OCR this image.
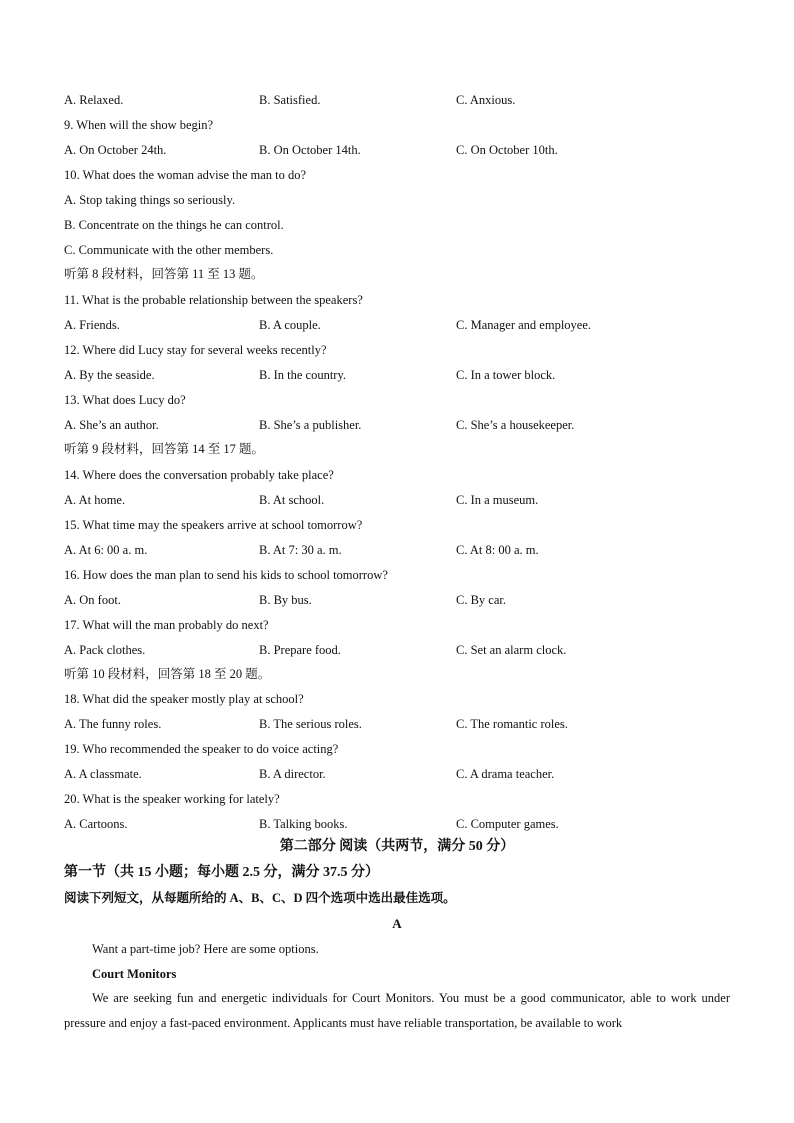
A. Relaxed.	B. Satisfied.	C. Anxious.
9. When will the show begin?
A. On October 24th.	B. On October 14th.	C. On October 10th.
10. What does the woman advise the man to do?
A. Stop taking things so seriously.
B. Concentrate on the things he can control.
C. Communicate with the other members.
听第 8 段材料，回答第 11 至 13 题。
11. What is the probable relationship between the speakers?
A. Friends.	B. A couple.	C. Manager and employee.
12. Where did Lucy stay for several weeks recently?
A. By the seaside.	B. In the country.	C. In a tower block.
13. What does Lucy do?
A. She’s an author.	B. She’s a publisher.	C. She’s a housekeeper.
听第 9 段材料，回答第 14 至 17 题。
14. Where does the conversation probably take place?
A. At home.	B. At school.	C. In a museum.
15. What time may the speakers arrive at school tomorrow?
A. At 6: 00 a. m.	B. At 7: 30 a. m.	C. At 8: 00 a. m.
16. How does the man plan to send his kids to school tomorrow?
A. On foot.	B. By bus.	C. By car.
17. What will the man probably do next?
A. Pack clothes.	B. Prepare food.	C. Set an alarm clock.
听第 10 段材料，回答第 18 至 20 题。
18. What did the speaker mostly play at school?
A. The funny roles.	B. The serious roles.	C. The romantic roles.
19. Who recommended the speaker to do voice acting?
A. A classmate.	B. A director.	C. A drama teacher.
20. What is the speaker working for lately?
A. Cartoons.	B. Talking books.	C. Computer games.
第二部分 阅读（共两节，满分 50 分）
第一节（共 15 小题；每小题 2.5 分，满分 37.5 分）
阅读下列短文，从每题所给的 A、B、C、D 四个选项中选出最佳选项。
A
Want a part-time job? Here are some options.
Court Monitors
We are seeking fun and energetic individuals for Court Monitors. You must be a good communicator, able to work under pressure and enjoy a fast-paced environment. Applicants must have reliable transportation, be available to work
